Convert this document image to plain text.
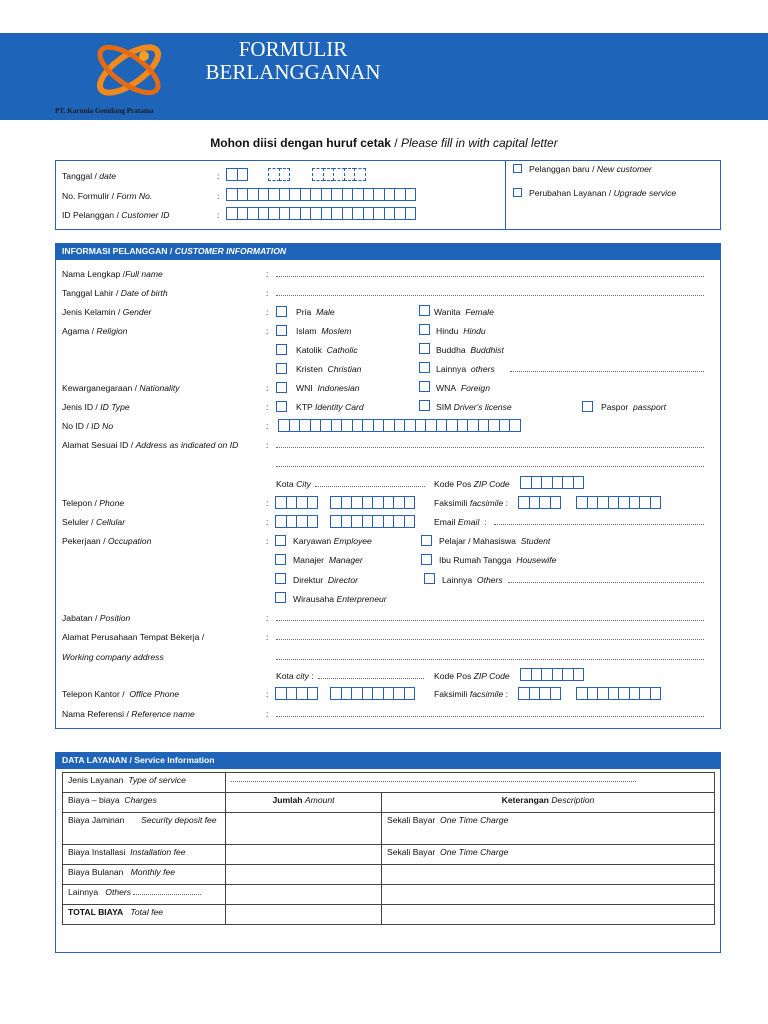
PT. Karunia Gemilang Pratama
FORMULIR BERLANGGANAN
Mohon diisi dengan huruf cetak / Please fill in with capital letter
Tanggal / date	:
No. Formulir / Form No.	:
ID Pelanggan / Customer ID	:
Pelanggan baru / New customer
Perubahan Layanan / Upgrade service
INFORMASI PELANGGAN / CUSTOMER INFORMATION
Nama Lengkap /Full name	:
Tanggal Lahir / Date of birth	:
Jenis Kelamin / Gender	:	Pria Male	Wanita Female
Agama / Religion	:	Islam Moslem	Hindu Hindu
Katolik Catholic	Buddha Buddhist
Kristen Christian	Lainnya others
Kewarganegaraan / Nationality	:	WNI Indonesian	WNA Foreign
Jenis ID / ID Type	:	KTP Identity Card	SIM Driver's license	Paspor passport
No ID / ID No	:
Alamat Sesuai ID / Address as indicated on ID	:
Kota City	Kode Pos ZIP Code
Telepon / Phone	:	Faksimili facsimile :
Seluler / Cellular	:	Email Email  :
Pekerjaan / Occupation	:	Karyawan Employee	Pelajar / Mahasiswa Student
Manajer Manager	Ibu Rumah Tangga Housewife
Direktur Director	Lainnya Others
Wirausaha Enterpreneur
Jabatan / Position	:
Alamat Perusahaan Tempat Bekerja /
Working company address
:
Kota city :	Kode Pos ZIP Code
Telepon Kantor /  Office Phone	:	Faksimili facsimile :
Nama Referensi / Reference name	:
DATA LAYANAN / Service Information
Jenis Layanan Type of service		

Biaya – biaya Charges	Jumlah Amount	Keterangan Description
Biaya Jaminan Security deposit fee		Sekali Bayar One Time Charge
Biaya Installasi Installation fee		Sekali Bayar One Time Charge
Biaya Bulanan Monthly fee		
Lainnya Others		
TOTAL BIAYA Total fee		
